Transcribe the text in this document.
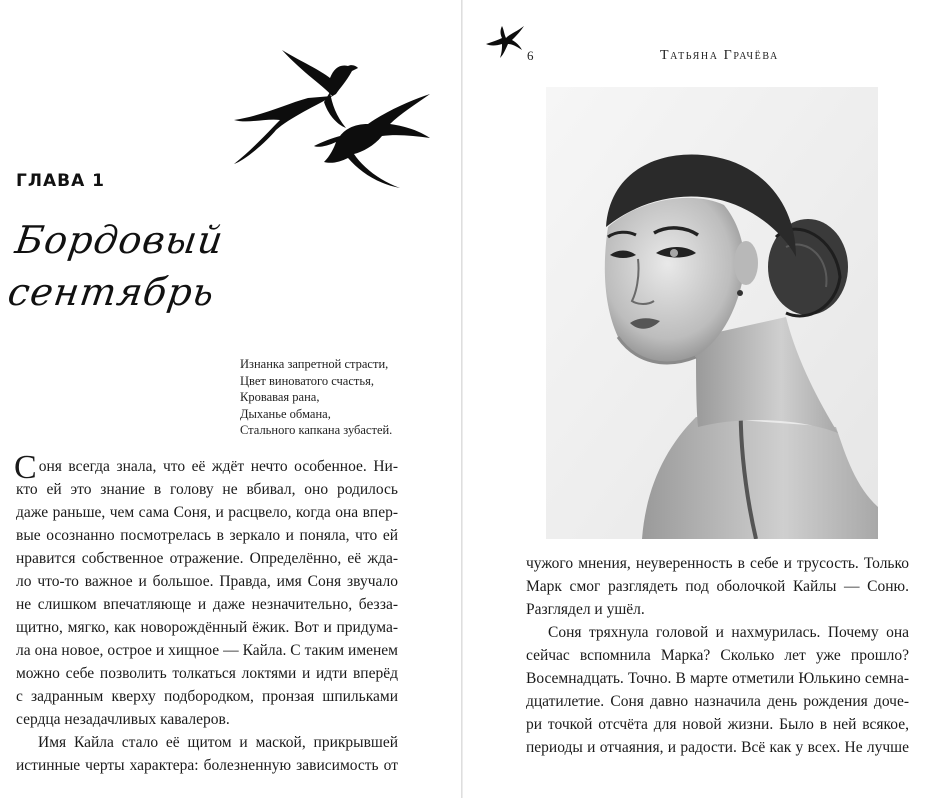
ГЛАВА 1
Бордовый
сентябрь
Изнанка запретной страсти,
Цвет виноватого счастья,
Кровавая рана,
Дыханье обмана,
Стального капкана зубастей.
Соня всегда знала, что её ждёт нечто особенное. Ни-
кто ей это знание в голову не вбивал, оно родилось
даже раньше, чем сама Соня, и расцвело, когда она впер-
вые осознанно посмотрелась в зеркало и поняла, что ей
нравится собственное отражение. Определённо, её ждa-
ло что-то важное и большое. Правда, имя Соня звучало
не слишком впечатляюще и даже незначительно, безза-
щитно, мягко, как новорождённый ёжик. Вот и придума-
ла она новое, острое и хищное — Кайла. С таким именем
можно себе позволить толкаться локтями и идти вперёд
с задранным кверху подбородком, пронзая шпильками
сердца незадачливых кавалеров.
Имя Кайла стало её щитом и маской, прикрывшей
истинные черты характера: болезненную зависимость от
6	Татьяна Грачёва
чужого мнения, неуверенность в себе и трусость. Только
Марк смог разглядеть под оболочкой Кайлы — Соню.
Разглядел и ушёл.
Соня тряхнула головой и нахмурилась. Почему она
сейчас вспомнила Марка? Сколько лет уже прошло?
Восемнадцать. Точно. В марте отметили Юлькино семна-
дцатилетие. Соня давно назначила день рождения доче-
ри точкой отсчёта для новой жизни. Было в ней всякое,
периоды и отчаяния, и радости. Всё как у всех. Не лучше
